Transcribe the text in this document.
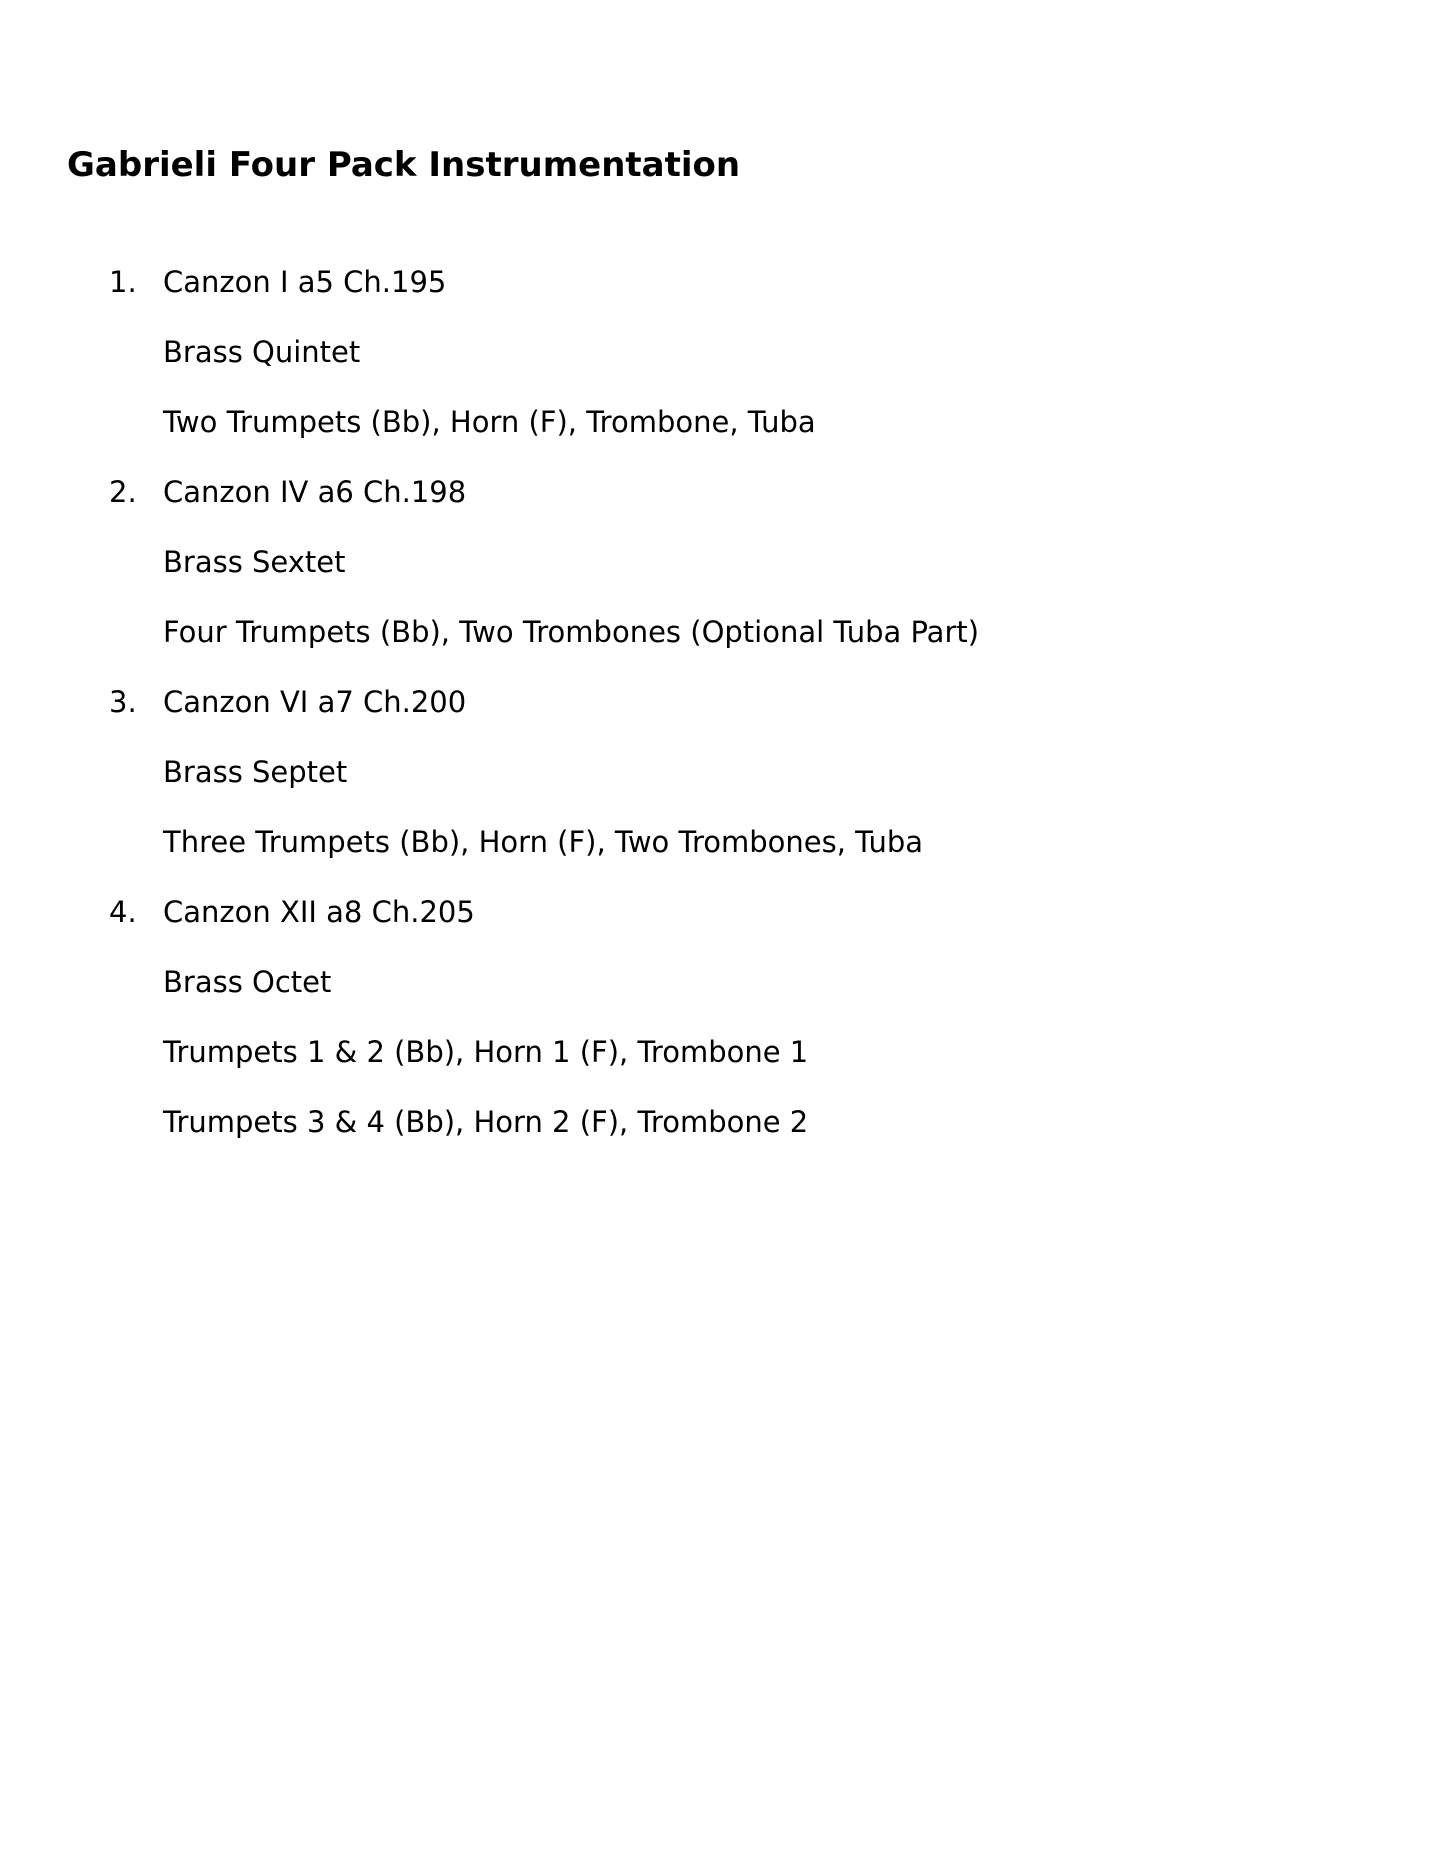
Gabrieli Four Pack Instrumentation
1. Canzon I a5 Ch.195
Brass Quintet
Two Trumpets (Bb), Horn (F), Trombone, Tuba
2. Canzon IV a6 Ch.198
Brass Sextet
Four Trumpets (Bb), Two Trombones (Optional Tuba Part)
3. Canzon VI a7 Ch.200
Brass Septet
Three Trumpets (Bb), Horn (F), Two Trombones, Tuba
4. Canzon XII a8 Ch.205
Brass Octet
Trumpets 1 & 2 (Bb), Horn 1 (F), Trombone 1
Trumpets 3 & 4 (Bb), Horn 2 (F), Trombone 2
